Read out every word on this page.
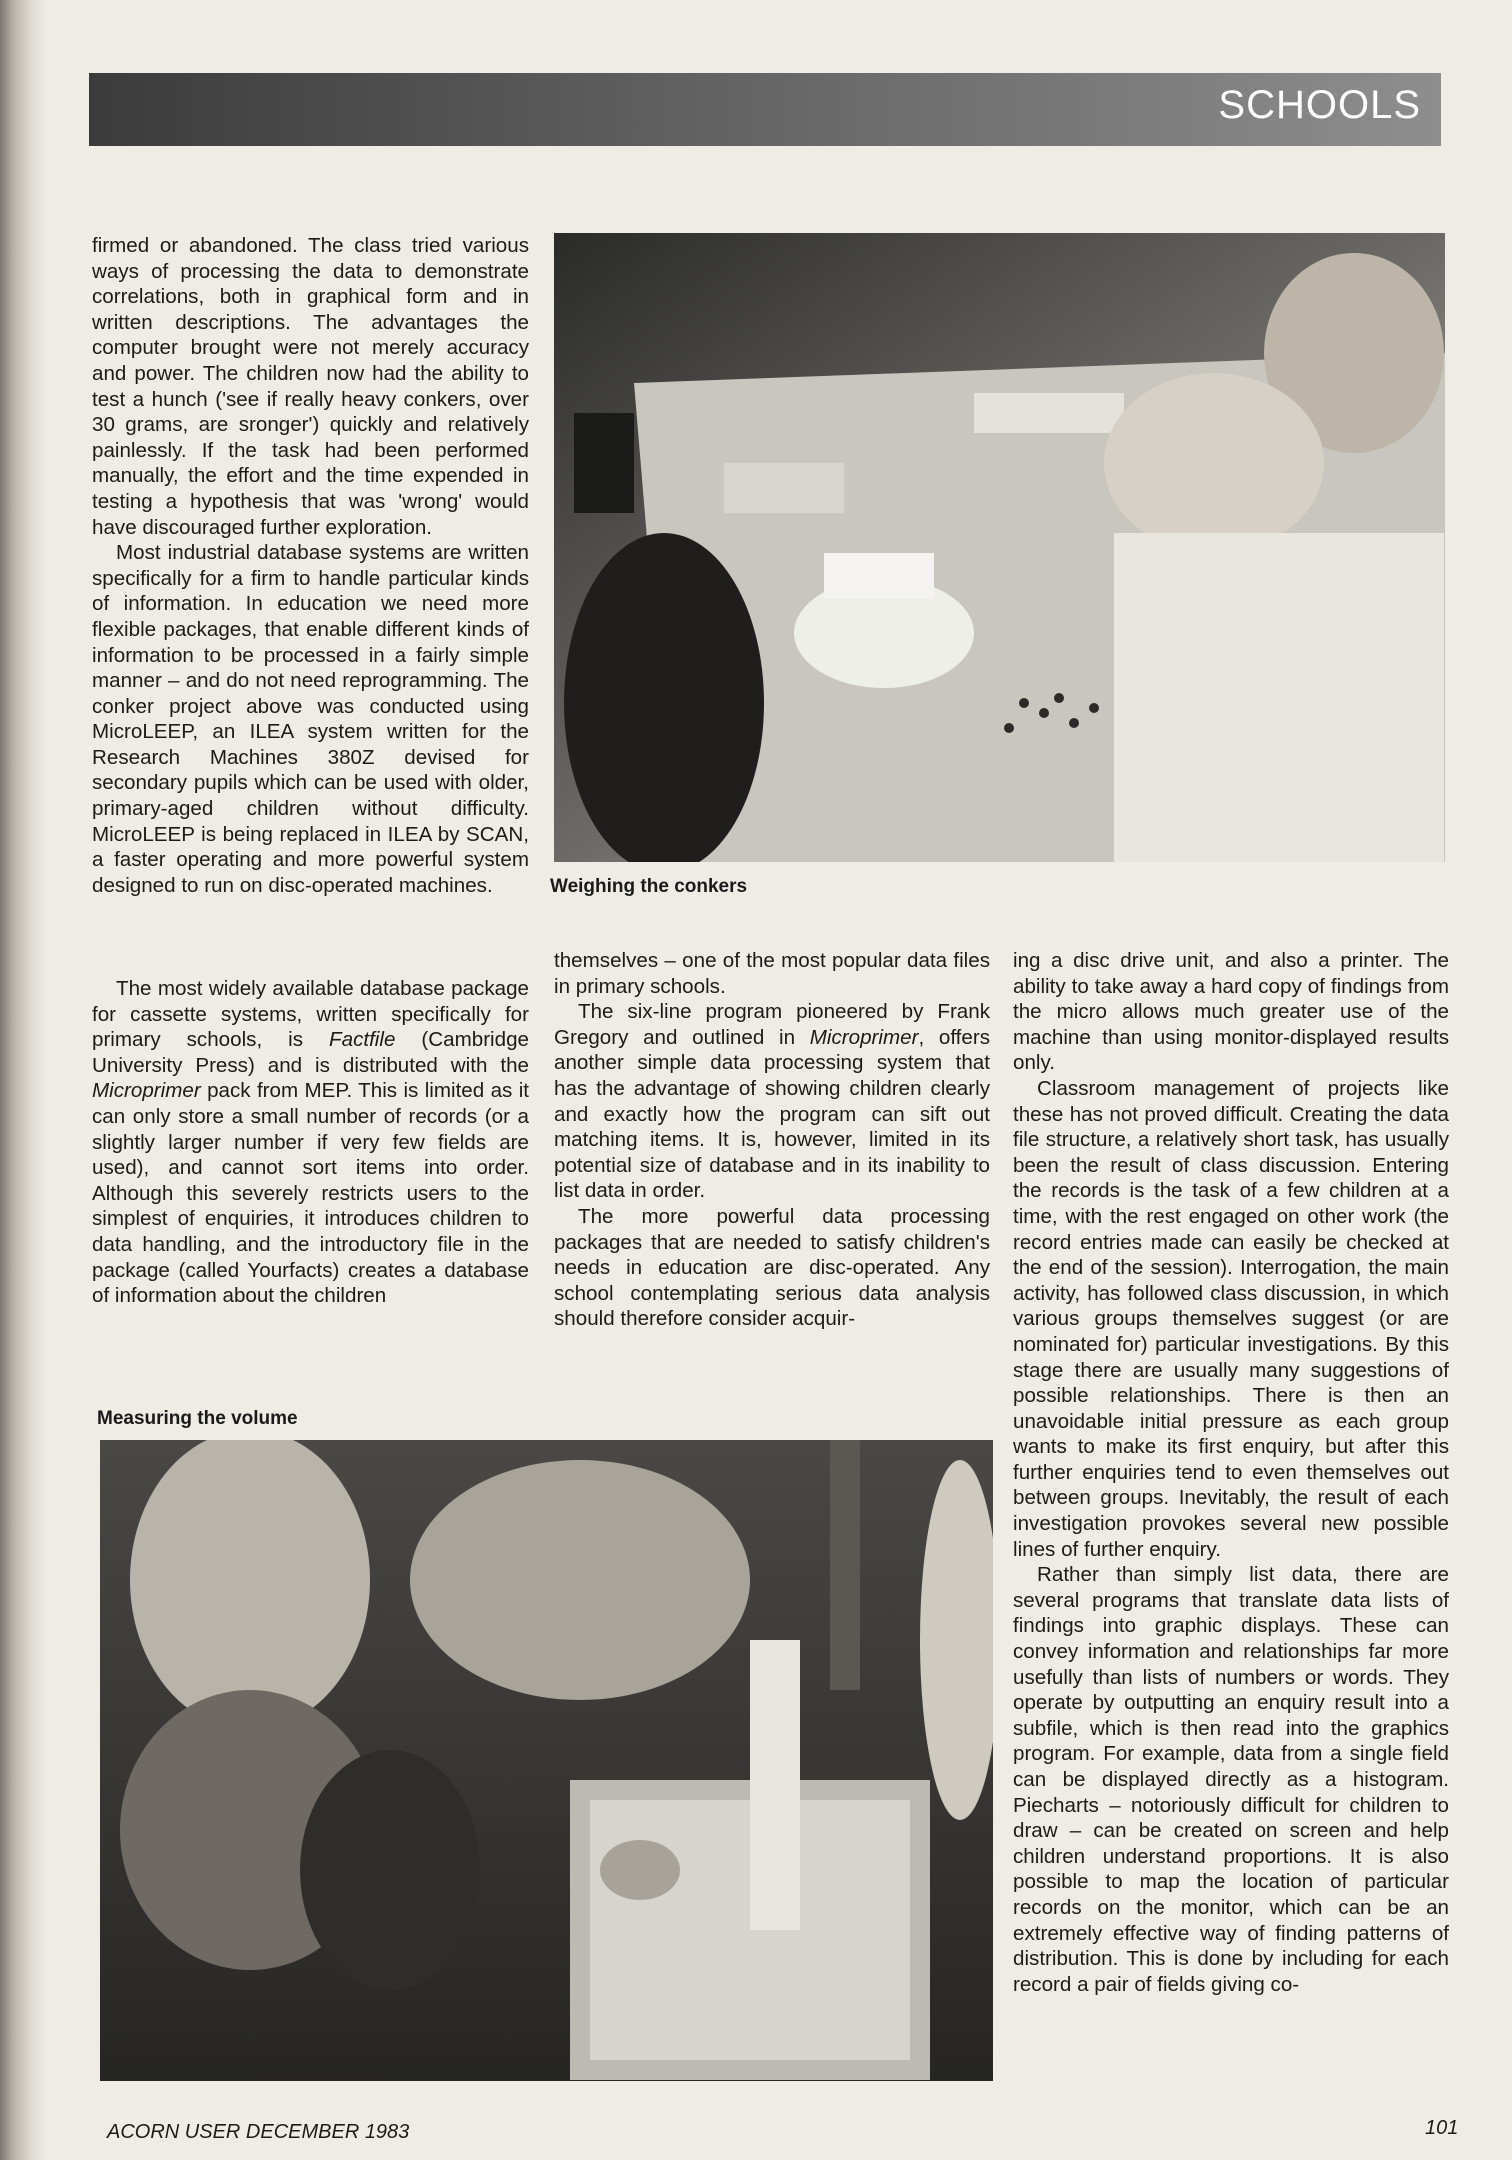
SCHOOLS

firmed or abandoned. The class tried various ways of processing the data to demonstrate correlations, both in graphical form and in written descriptions. The advantages the computer brought were not merely accuracy and power. The children now had the ability to test a hunch ('see if really heavy conkers, over 30 grams, are sronger') quickly and relatively painlessly. If the task had been performed manually, the effort and the time expended in testing a hypothesis that was 'wrong' would have discouraged further exploration.

Most industrial database systems are written specifically for a firm to handle particular kinds of information. In education we need more flexible packages, that enable different kinds of information to be processed in a fairly simple manner – and do not need reprogramming. The conker project above was conducted using MicroLEEP, an ILEA system written for the Research Machines 380Z devised for secondary pupils which can be used with older, primary-aged children without difficulty. MicroLEEP is being replaced in ILEA by SCAN, a faster operating and more powerful system designed to run on disc-operated machines.

The most widely available database package for cassette systems, written specifically for primary schools, is Factfile (Cambridge University Press) and is distributed with the Microprimer pack from MEP. This is limited as it can only store a small number of records (or a slightly larger number if very few fields are used), and cannot sort items into order. Although this severely restricts users to the simplest of enquiries, it introduces children to data handling, and the introductory file in the package (called Yourfacts) creates a database of information about the children

Weighing the conkers

themselves – one of the most popular data files in primary schools.

The six-line program pioneered by Frank Gregory and outlined in Microprimer, offers another simple data processing system that has the advantage of showing children clearly and exactly how the program can sift out matching items. It is, however, limited in its potential size of database and in its inability to list data in order.

The more powerful data processing packages that are needed to satisfy children's needs in education are disc-operated. Any school contemplating serious data analysis should therefore consider acquir-

ing a disc drive unit, and also a printer. The ability to take away a hard copy of findings from the micro allows much greater use of the machine than using monitor-displayed results only.

Classroom management of projects like these has not proved difficult. Creating the data file structure, a relatively short task, has usually been the result of class discussion. Entering the records is the task of a few children at a time, with the rest engaged on other work (the record entries made can easily be checked at the end of the session). Interrogation, the main activity, has followed class discussion, in which various groups themselves suggest (or are nominated for) particular investigations. By this stage there are usually many suggestions of possible relationships. There is then an unavoidable initial pressure as each group wants to make its first enquiry, but after this further enquiries tend to even themselves out between groups. Inevitably, the result of each investigation provokes several new possible lines of further enquiry.

Rather than simply list data, there are several programs that translate data lists of findings into graphic displays. These can convey information and relationships far more usefully than lists of numbers or words. They operate by outputting an enquiry result into a subfile, which is then read into the graphics program. For example, data from a single field can be displayed directly as a histogram. Piecharts – notoriously difficult for children to draw – can be created on screen and help children understand proportions. It is also possible to map the location of particular records on the monitor, which can be an extremely effective way of finding patterns of distribution. This is done by including for each record a pair of fields giving co-

Measuring the volume
ACORN USER DECEMBER 1983	101
